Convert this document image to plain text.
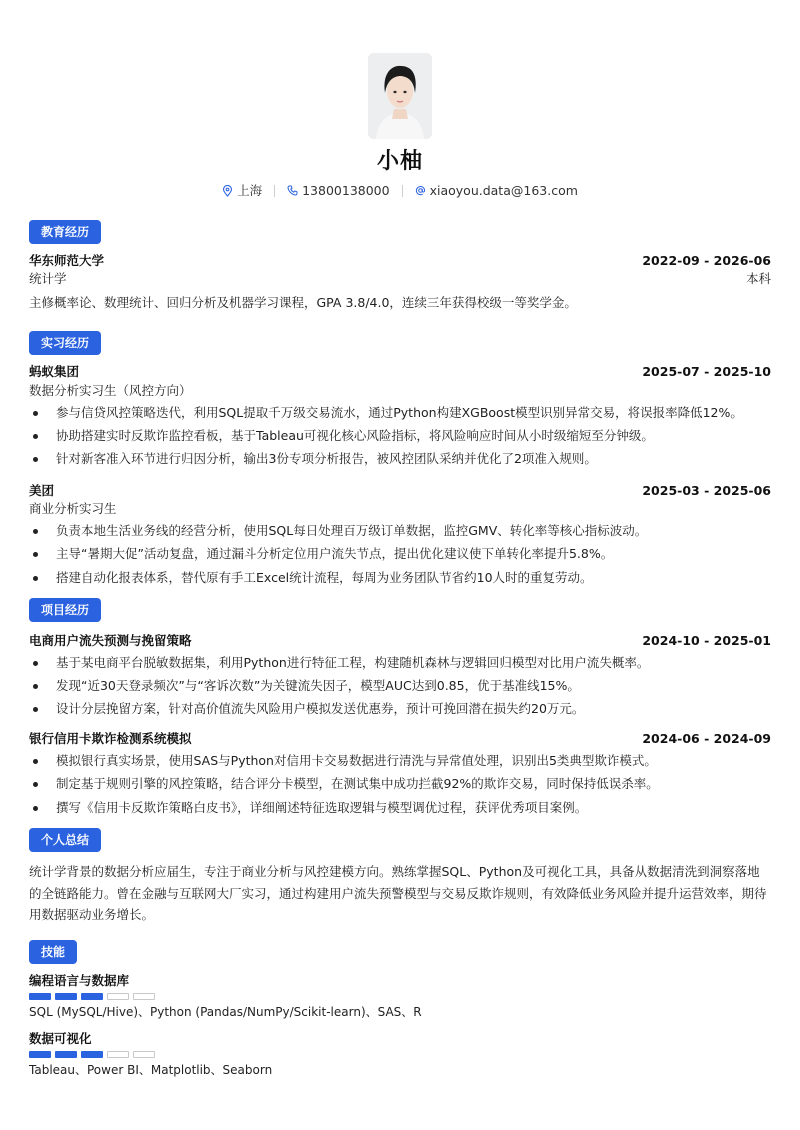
小柚
上海	13800138000	xiaoyou.data@163.com
教育经历
华东师范大学	2022-09 - 2026-06
统计学	本科
主修概率论、数理统计、回归分析及机器学习课程，GPA 3.8/4.0，连续三年获得校级一等奖学金。
实习经历
蚂蚁集团	2025-07 - 2025-10
数据分析实习生（风控方向）
参与信贷风控策略迭代，利用SQL提取千万级交易流水，通过Python构建XGBoost模型识别异常交易，将误报率降低12%。
协助搭建实时反欺诈监控看板，基于Tableau可视化核心风险指标，将风险响应时间从小时级缩短至分钟级。
针对新客准入环节进行归因分析，输出3份专项分析报告，被风控团队采纳并优化了2项准入规则。
美团	2025-03 - 2025-06
商业分析实习生
负责本地生活业务线的经营分析，使用SQL每日处理百万级订单数据，监控GMV、转化率等核心指标波动。
主导“暑期大促”活动复盘，通过漏斗分析定位用户流失节点，提出优化建议使下单转化率提升5.8%。
搭建自动化报表体系，替代原有手工Excel统计流程，每周为业务团队节省约10人时的重复劳动。
项目经历
电商用户流失预测与挽留策略	2024-10 - 2025-01
基于某电商平台脱敏数据集，利用Python进行特征工程，构建随机森林与逻辑回归模型对比用户流失概率。
发现“近30天登录频次”与“客诉次数”为关键流失因子，模型AUC达到0.85，优于基准线15%。
设计分层挽留方案，针对高价值流失风险用户模拟发送优惠券，预计可挽回潜在损失约20万元。
银行信用卡欺诈检测系统模拟	2024-06 - 2024-09
模拟银行真实场景，使用SAS与Python对信用卡交易数据进行清洗与异常值处理，识别出5类典型欺诈模式。
制定基于规则引擎的风控策略，结合评分卡模型，在测试集中成功拦截92%的欺诈交易，同时保持低误杀率。
撰写《信用卡反欺诈策略白皮书》，详细阐述特征选取逻辑与模型调优过程，获评优秀项目案例。
个人总结
统计学背景的数据分析应届生，专注于商业分析与风控建模方向。熟练掌握SQL、Python及可视化工具，具备从数据清洗到洞察落地的全链路能力。曾在金融与互联网大厂实习，通过构建用户流失预警模型与交易反欺诈规则，有效降低业务风险并提升运营效率，期待用数据驱动业务增长。
技能
编程语言与数据库
SQL (MySQL/Hive)、Python (Pandas/NumPy/Scikit-learn)、SAS、R
数据可视化
Tableau、Power BI、Matplotlib、Seaborn
